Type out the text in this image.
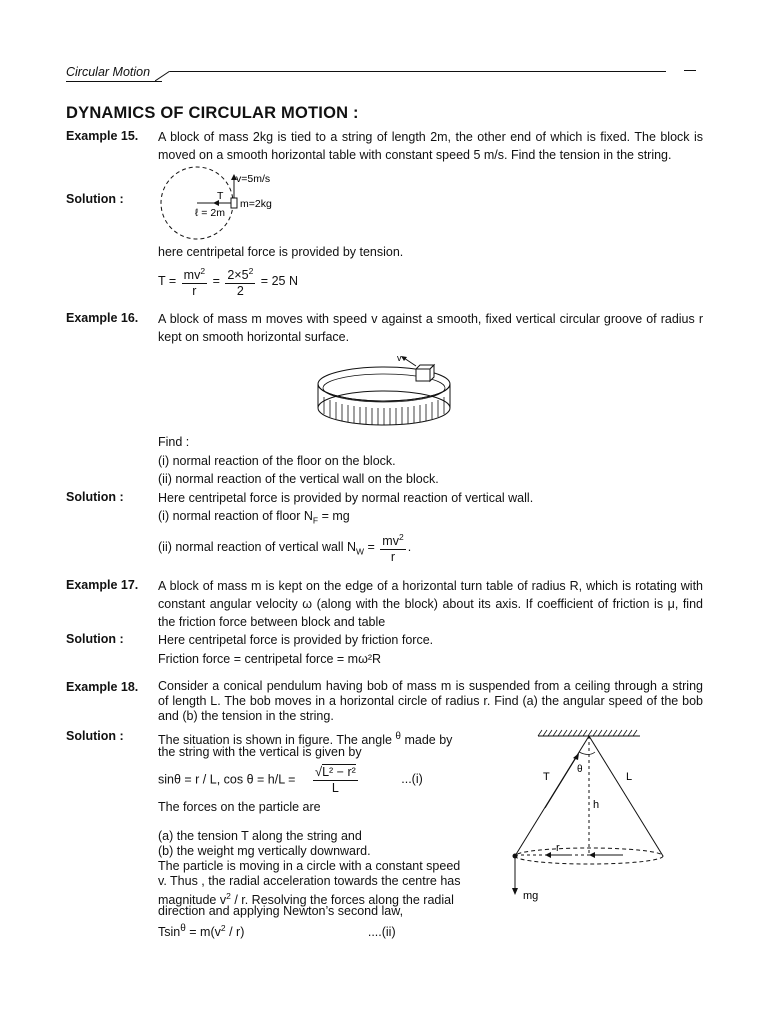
Circular Motion
DYNAMICS OF CIRCULAR MOTION :
Example 15. A block of mass 2kg is tied to a string of length 2m, the other end of which is fixed. The block is moved on a smooth horizontal table with constant speed 5 m/s. Find the tension in the string.
Solution :
v=5m/s
T
ℓ = 2m
m=2kg
here centripetal force is provided by tension.
$T = \frac{mv^2}{r} = \frac{2\times 5^2}{2} = 25$ N
Example 16. A block of mass m moves with speed v against a smooth, fixed vertical circular groove of radius r kept on smooth horizontal surface.
v
Find :
(i) normal reaction of the floor on the block.
(ii) normal reaction of the vertical wall on the block.
Solution :	Here centripetal force is provided by normal reaction of vertical wall.
(i) normal reaction of floor $N_F$ = mg
(ii) normal reaction of vertical wall $N_W = \frac{mv^2}{r}$ .
Example 17. A block of mass m is kept on the edge of a horizontal turn table of radius R, which is rotating with constant angular velocity ω (along with the block) about its axis. If coefficient of friction is μ, find the friction force between block and table
Solution :	Here centripetal force is provided by friction force.
Friction force = centripetal force = mω²R
Example 18. Consider a conical pendulum having bob of mass m is suspended from a ceiling through a string of length L. The bob moves in a horizontal circle of radius r. Find (a) the angular speed of the bob and (b) the tension in the string.
Solution :	The situation is shown in figure. The angle $^\theta$ made by
the string with the vertical is given by
sinθ = r / L, $\cos \theta = h/L = \frac{\text{√L² − r²}}{L}$	...(i)
The forces on the particle are
(a) the tension T along the string and
(b) the weight mg vertically downward.
The particle is moving in a circle with a constant speed
v. Thus , the radial acceleration towards the centre has
magnitude $v^2$ / r. Resolving the forces along the radial
direction and applying Newton’s second law,
$Tsin^\theta = m(v^2 / r)$	....(ii)
T	L
h
r
mg
θ
